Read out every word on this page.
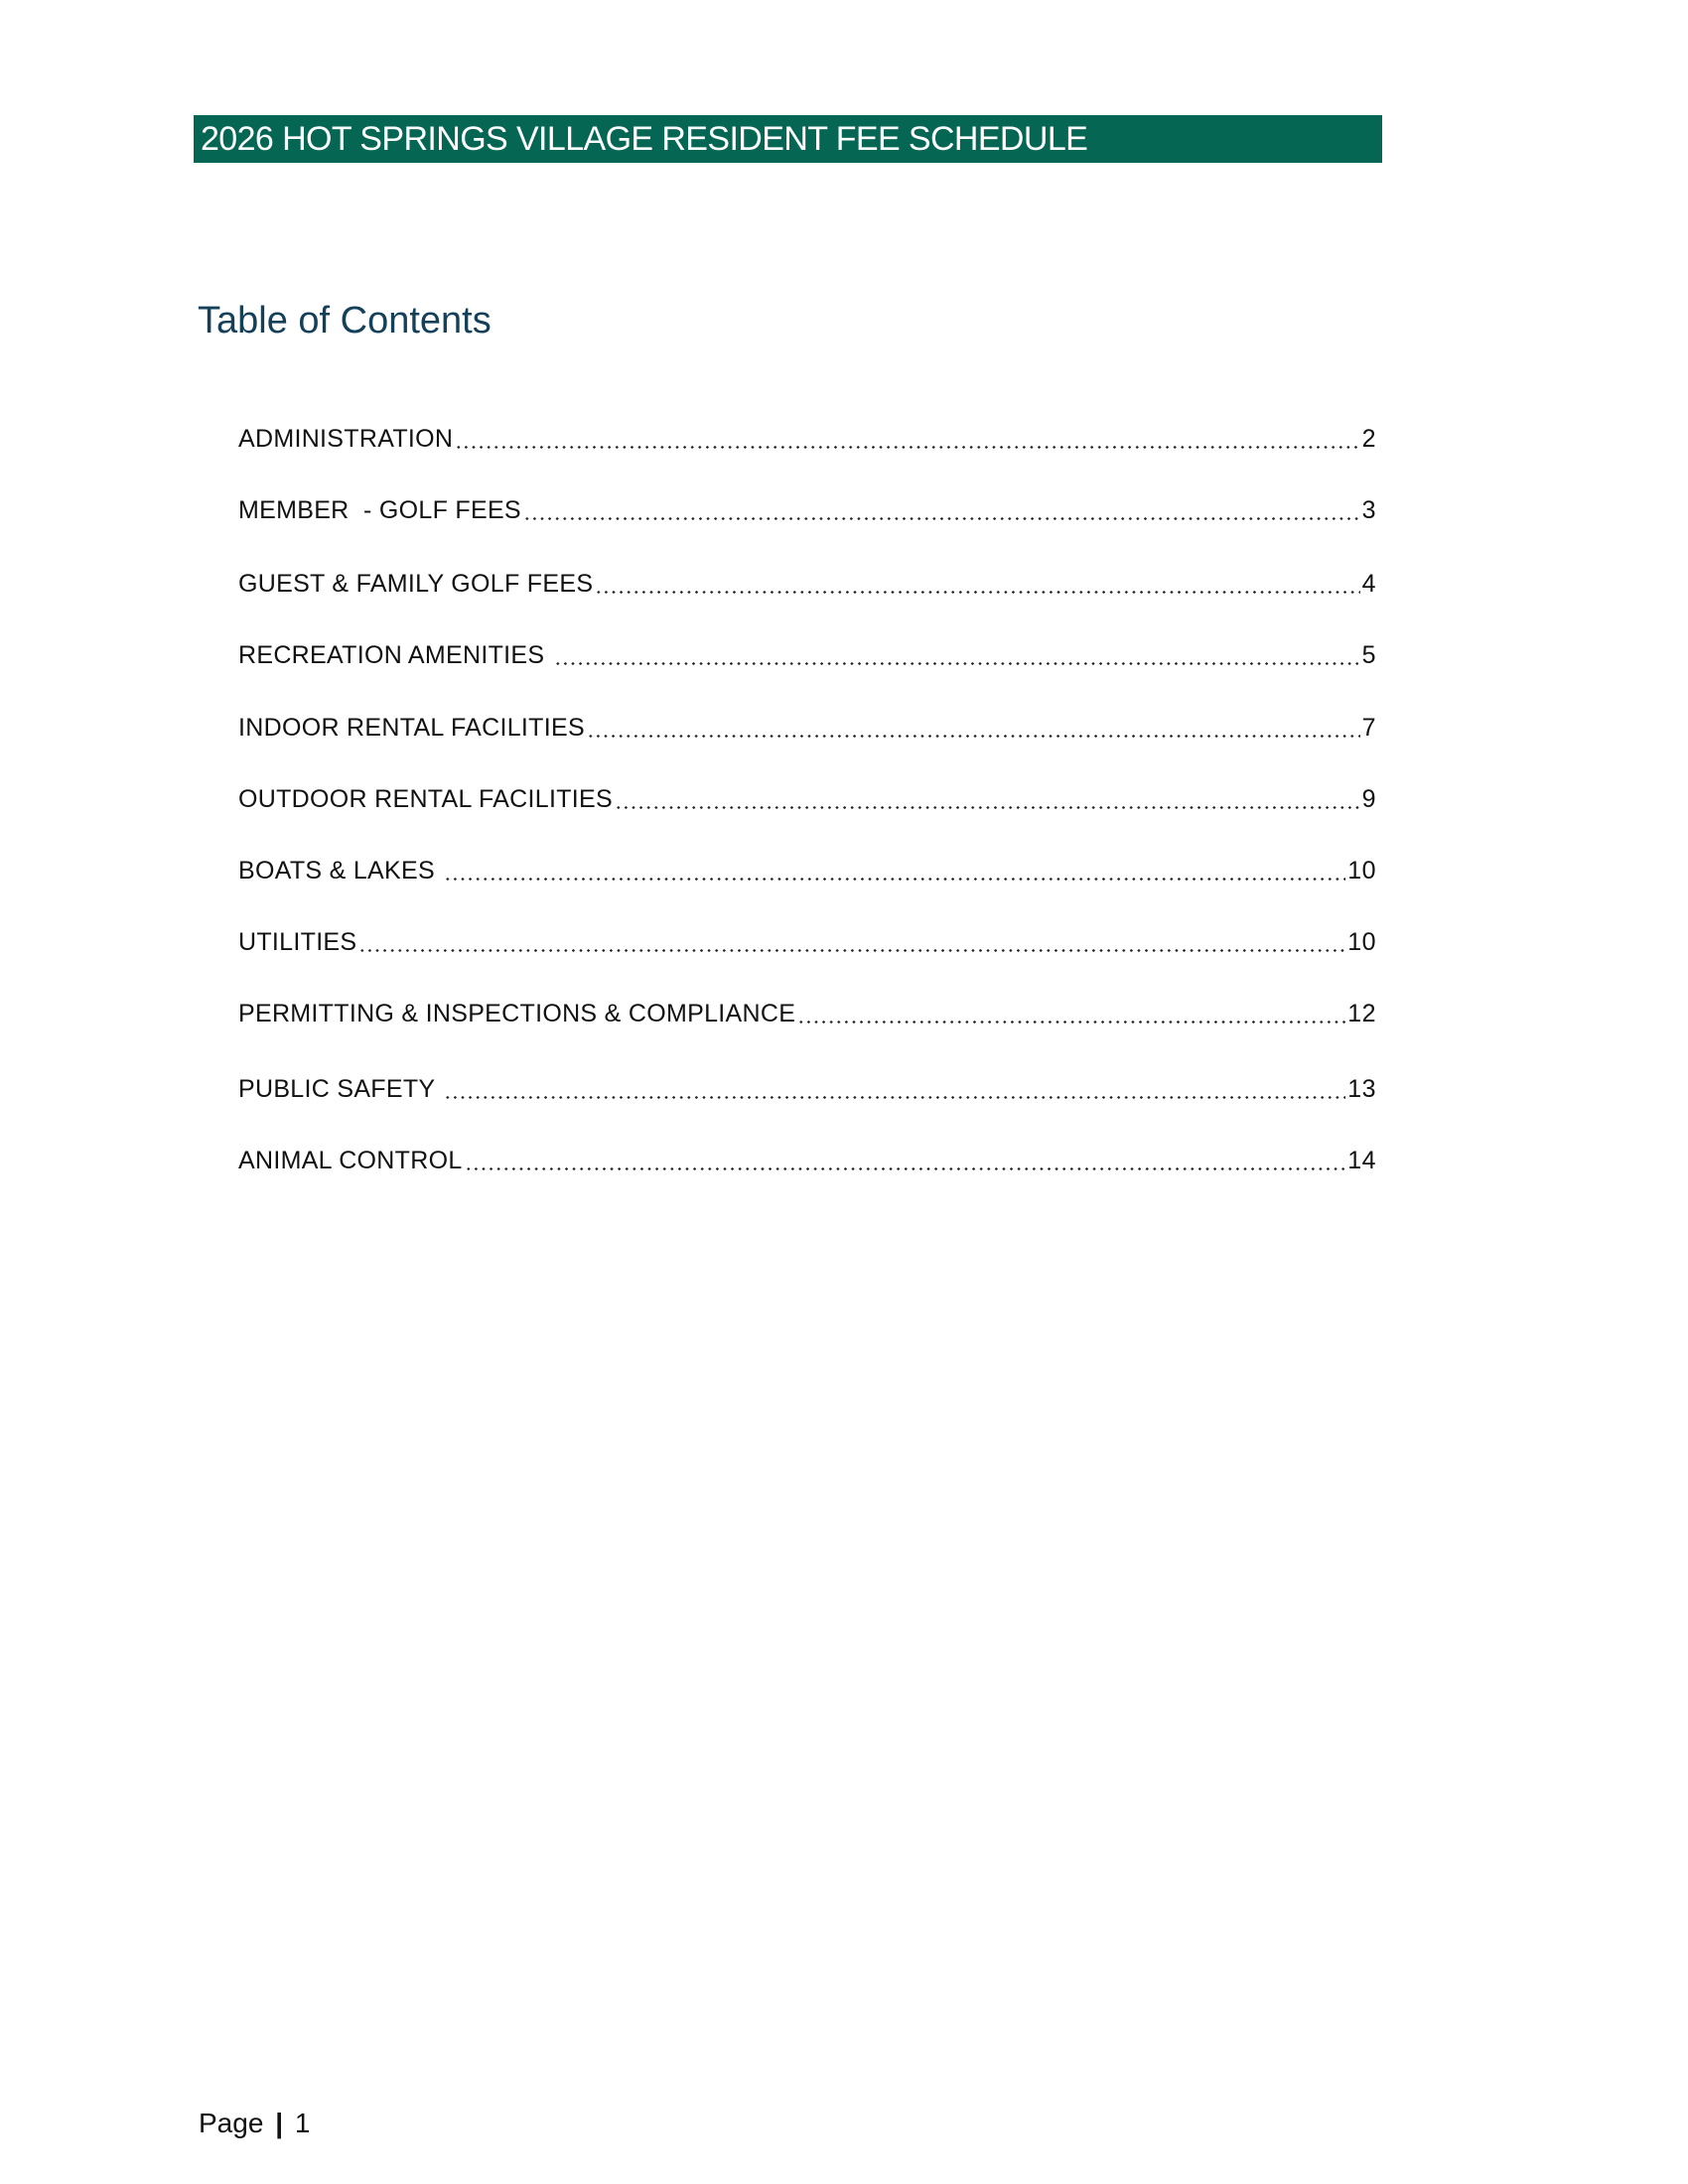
2026 HOT SPRINGS VILLAGE RESIDENT FEE SCHEDULE
Table of Contents
ADMINISTRATION	2
MEMBER  - GOLF FEES	3
GUEST & FAMILY GOLF FEES	4
RECREATION AMENITIES	5
INDOOR RENTAL FACILITIES	7
OUTDOOR RENTAL FACILITIES	9
BOATS & LAKES	10
UTILITIES	10
PERMITTING & INSPECTIONS & COMPLIANCE	12
PUBLIC SAFETY	13
ANIMAL CONTROL	14
Page | 1
